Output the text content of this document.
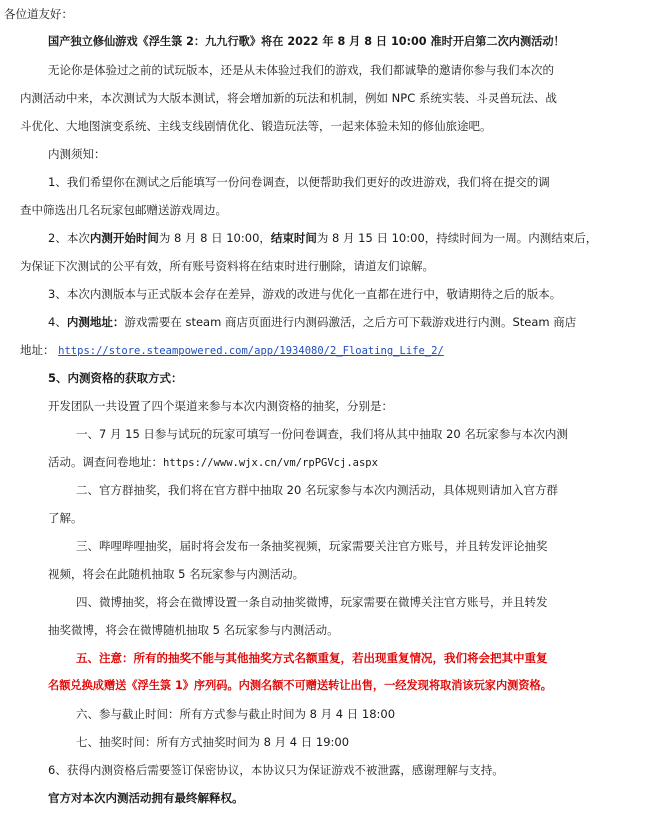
各位道友好：
国产独立修仙游戏《浮生箓 2：九九行歌》将在 2022 年 8 月 8 日 10:00 准时开启第二次内测活动！
无论你是体验过之前的试玩版本，还是从未体验过我们的游戏，我们都诚挚的邀请你参与我们本次的
内测活动中来，本次测试为大版本测试，将会增加新的玩法和机制，例如 NPC 系统实装、斗灵兽玩法、战
斗优化、大地图演变系统、主线支线剧情优化、锻造玩法等，一起来体验未知的修仙旅途吧。
内测须知：
1、我们希望你在测试之后能填写一份问卷调查，以便帮助我们更好的改进游戏，我们将在提交的调
查中筛选出几名玩家包邮赠送游戏周边。
2、本次内测开始时间为 8 月 8 日 10:00，结束时间为 8 月 15 日 10:00，持续时间为一周。内测结束后，
为保证下次测试的公平有效，所有账号资料将在结束时进行删除，请道友们谅解。
3、本次内测版本与正式版本会存在差异，游戏的改进与优化一直都在进行中，敬请期待之后的版本。
4、内测地址：游戏需要在 steam 商店页面进行内测码激活，之后方可下载游戏进行内测。Steam 商店
地址： https://store.steampowered.com/app/1934080/2_Floating_Life_2/
5、内测资格的获取方式：
开发团队一共设置了四个渠道来参与本次内测资格的抽奖，分别是：
一、7 月 15 日参与试玩的玩家可填写一份问卷调查，我们将从其中抽取 20 名玩家参与本次内测
活动。调查问卷地址：https://www.wjx.cn/vm/rpPGVcj.aspx
二、官方群抽奖，我们将在官方群中抽取 20 名玩家参与本次内测活动，具体规则请加入官方群
了解。
三、哔哩哔哩抽奖，届时将会发布一条抽奖视频，玩家需要关注官方账号，并且转发评论抽奖
视频，将会在此随机抽取 5 名玩家参与内测活动。
四、微博抽奖，将会在微博设置一条自动抽奖微博，玩家需要在微博关注官方账号，并且转发
抽奖微博，将会在微博随机抽取 5 名玩家参与内测活动。
五、注意：所有的抽奖不能与其他抽奖方式名额重复，若出现重复情况，我们将会把其中重复
名额兑换成赠送《浮生箓 1》序列码。内测名额不可赠送转让出售，一经发现将取消该玩家内测资格。
六、参与截止时间：所有方式参与截止时间为 8 月 4 日 18:00
七、抽奖时间：所有方式抽奖时间为 8 月 4 日 19:00
6、获得内测资格后需要签订保密协议，本协议只为保证游戏不被泄露，感谢理解与支持。
官方对本次内测活动拥有最终解释权。
